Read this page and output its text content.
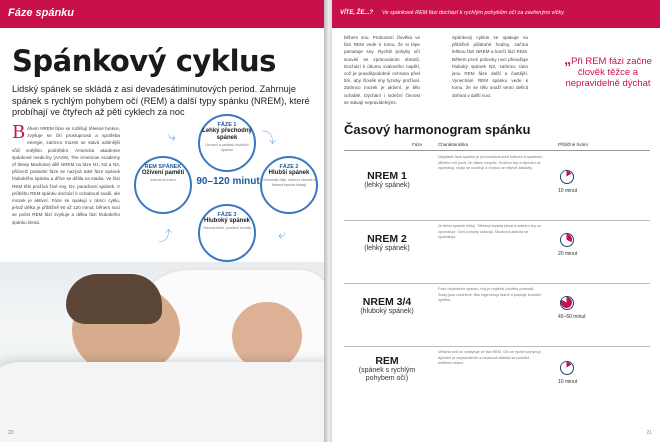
Fáze spánku
Spánkový cyklus
Lidský spánek se skládá z asi devadesátiminutových period. Zahrnuje spánek s rychlým pohybem očí (REM) a další typy spánku (NREM), které probíhají ve čtyřech až pěti cyklech za noc
Během NREM fáze se rozlišují tělesné funkce, zvyšuje se čití prostupnosti a spotřeba energie, zatímco mozek se stává odolnější vůči vnějším podnětům. Americká akademie spánkové medicíny (AASM, The American Academy of Sleep Medicine) dělí NREM na fáze N1, N2 a N3, přičemž poslední fáze se nazývá také fáze spánek hlubokého spánku a dříve se dělila na stadia. Ve fázi REM tělo prožívá živé sny, tzv. paradoxní spánek. V průběhu REM spánku dochází k ochabnutí svalů, ale mozek je aktivní. Fáze se opakují v rámci cyklu, jehož délka je přibližně 90 až 120 minut; během noci se počet REM fází zvyšuje a délka fází hlubokého spánku klesá.
FÁZE 1
Lehký přechodný spánek
Usínání a začátek hlubšího spánku
FÁZE 2
Hlubší spánek
Chemické děje, srdeční činnost a tělesná teplota klesají
FÁZE 3
Hluboký spánek
Obnova tkání, posílení imunity
REM SPÁNEK
Oživení paměti
Intenzivní snění	90–120 minut
⤵
⤶
⤴
⤷
20
VÍTE, ŽE...? Ve spánkové REM fázi dochází k rychlým pohybům očí za zavřenými víčky
během snu. Probuzení člověka ve fázi REM vede k tomu, že si lépe pamatuje sny. Rychlé pohyby očí souvisí se zpracováním obrazů. Dochází k útlumu svalového napětí, což je pravděpodobně ochrana před tím, aby člověk sny fyzicky prožíval. Zatímco mozek je aktivní, je tělo ochablé. Dýchání i srdeční činnost se stávají nepravidelnými.
Spánkový cyklus se opakuje na přibližně půldruhé hodiny, začíná lehkou fází NREM a končí fází REM. Během první poloviny noci převažuje hluboký spánek N3, zatímco ráno jsou REM fáze delší a častější. Vynechání REM spánku vede k tomu, že se tělo snaží tento deficit dohnat v další noci.
„Při REM fázi začne člověk těžce a nepravidelně dýchat
Časový harmonogram spánku
Fáze	Charakteristika	Přibližné trvání
NREM 1
(lehký spánek)
Nejslabší fáze spánku je přechodová mezi bděním a spánkem. Můžete mít pocit, že vůbec nespíte. Srdeční tep a dýchání se zpomalují, svaly se uvolňují a mohou se objevit záškuby.
10 minut
NREM 2
(lehký spánek)
Je třeba spánek lehký. Tělesná teplota klesá a srdeční tep se zpomaluje. Oční pohyby ustávají. Mozková aktivita se zpomaluje.
20 minut
NREM 3/4
(hluboký spánek)
Fáze hlubokého spánku, kdy je nejtěžší člověka probudit. Svaly jsou uvolněné, tělo regeneruje tkáně a posiluje imunitní systém.
45–60 minut
REM
(spánek s rychlým pohybem očí)
Většina snů se vyskytuje ve fázi REM. Oči se rychle pohybují, dýchání je nepravidelné a mozková aktivita se podobá bdělému stavu.
10 minut
21
